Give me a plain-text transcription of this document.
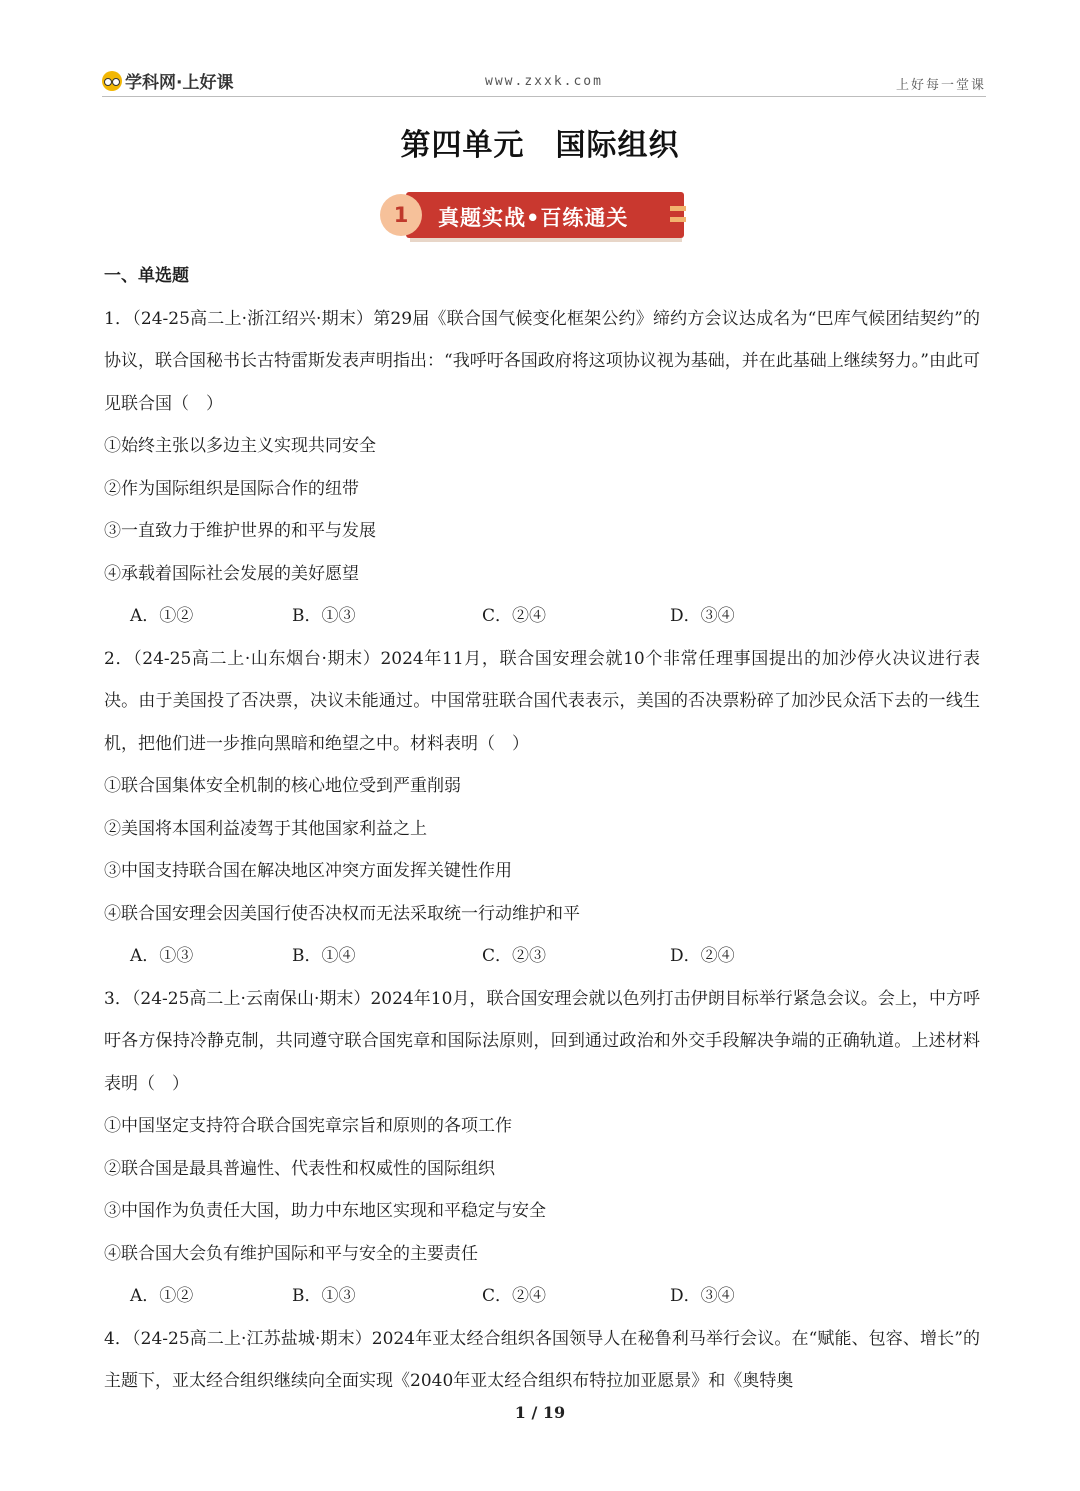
学科网·上好课	www.zxxk.com	上好每一堂课
第四单元　国际组织
1	真题实战•百练通关
一、单选题
1．（24-25高二上·浙江绍兴·期末）第29届《联合国气候变化框架公约》缔约方会议达成名为“巴库气候团结契约”的协议，联合国秘书长古特雷斯发表声明指出：“我呼吁各国政府将这项协议视为基础，并在此基础上继续努力。”由此可见联合国（　）
①始终主张以多边主义实现共同安全
②作为国际组织是国际合作的纽带
③一直致力于维护世界的和平与发展
④承载着国际社会发展的美好愿望
A．①②	B．①③	C．②④	D．③④
2．（24-25高二上·山东烟台·期末）2024年11月，联合国安理会就10个非常任理事国提出的加沙停火决议进行表决。由于美国投了否决票，决议未能通过。中国常驻联合国代表表示，美国的否决票粉碎了加沙民众活下去的一线生机，把他们进一步推向黑暗和绝望之中。材料表明（　）
①联合国集体安全机制的核心地位受到严重削弱
②美国将本国利益凌驾于其他国家利益之上
③中国支持联合国在解决地区冲突方面发挥关键性作用
④联合国安理会因美国行使否决权而无法采取统一行动维护和平
A．①③	B．①④	C．②③	D．②④
3．（24-25高二上·云南保山·期末）2024年10月，联合国安理会就以色列打击伊朗目标举行紧急会议。会上，中方呼吁各方保持冷静克制，共同遵守联合国宪章和国际法原则，回到通过政治和外交手段解决争端的正确轨道。上述材料表明（　）
①中国坚定支持符合联合国宪章宗旨和原则的各项工作
②联合国是最具普遍性、代表性和权威性的国际组织
③中国作为负责任大国，助力中东地区实现和平稳定与安全
④联合国大会负有维护国际和平与安全的主要责任
A．①②	B．①③	C．②④	D．③④
4．（24-25高二上·江苏盐城·期末）2024年亚太经合组织各国领导人在秘鲁利马举行会议。在“赋能、包容、增长”的主题下，亚太经合组织继续向全面实现《2040年亚太经合组织布特拉加亚愿景》和《奥特奥
1 / 19
